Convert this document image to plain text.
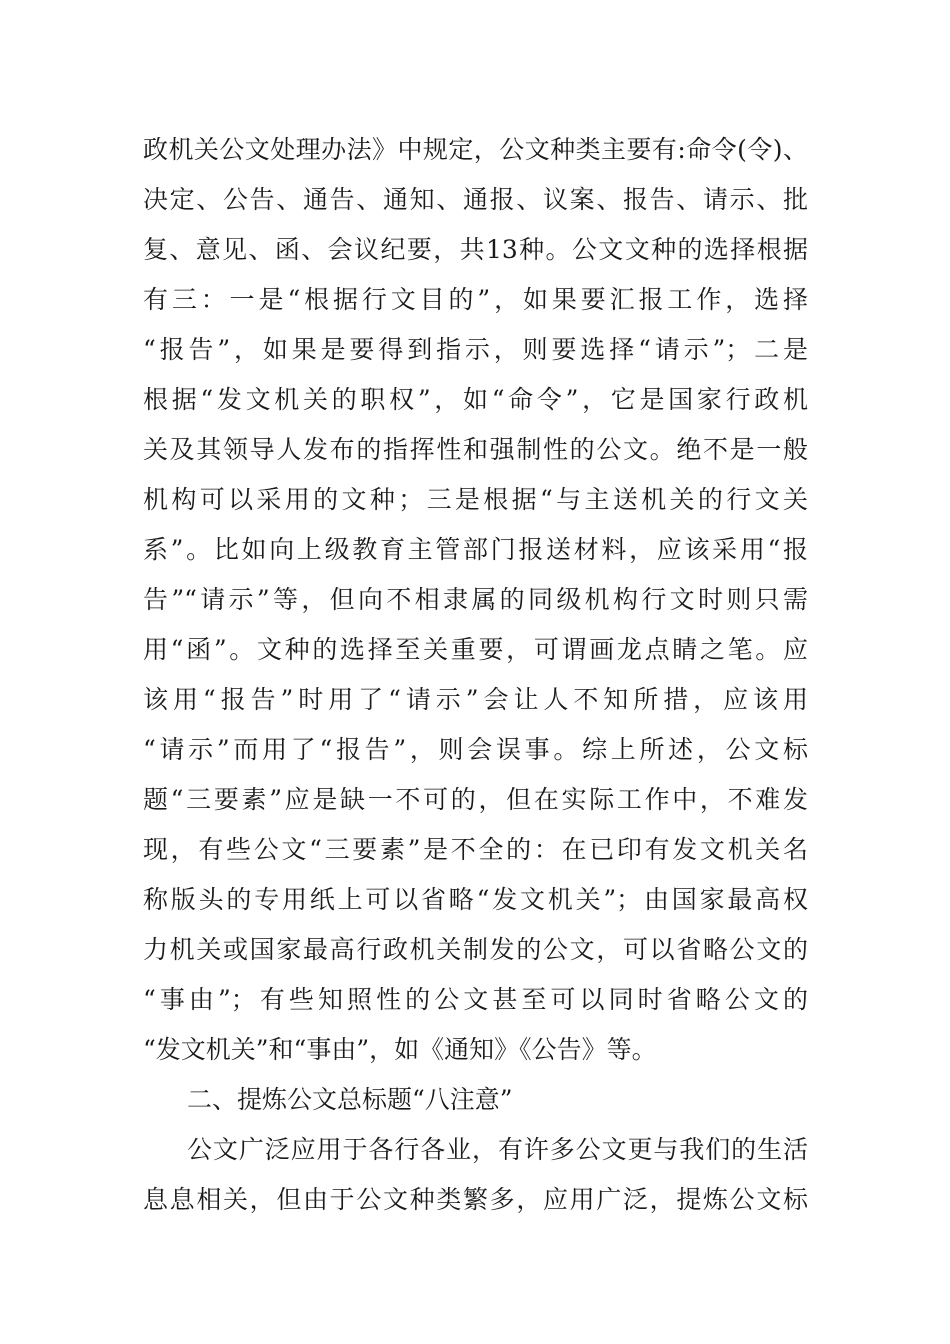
政机关公文处理办法》中规定，公文种类主要有:命令(令)、
决定、公告、通告、通知、通报、议案、报告、请示、批
复、意见、函、会议纪要，共13种。公文文种的选择根据
有三：一是“根据行文目的”，如果要汇报工作，选择
“报告”，如果是要得到指示，则要选择“请示”；二是
根据“发文机关的职权”，如“命令”，它是国家行政机
关及其领导人发布的指挥性和强制性的公文。绝不是一般
机构可以采用的文种；三是根据“与主送机关的行文关
系”。比如向上级教育主管部门报送材料，应该采用“报
告”“请示”等，但向不相隶属的同级机构行文时则只需
用“函”。文种的选择至关重要，可谓画龙点睛之笔。应
该用“报告”时用了“请示”会让人不知所措，应该用
“请示”而用了“报告”，则会误事。综上所述，公文标
题“三要素”应是缺一不可的，但在实际工作中，不难发
现，有些公文“三要素”是不全的：在已印有发文机关名
称版头的专用纸上可以省略“发文机关”；由国家最高权
力机关或国家最高行政机关制发的公文，可以省略公文的
“事由”；有些知照性的公文甚至可以同时省略公文的
“发文机关”和“事由”，如《通知》《公告》等。
二、提炼公文总标题“八注意”
公文广泛应用于各行各业，有许多公文更与我们的生活
息息相关，但由于公文种类繁多，应用广泛，提炼公文标
